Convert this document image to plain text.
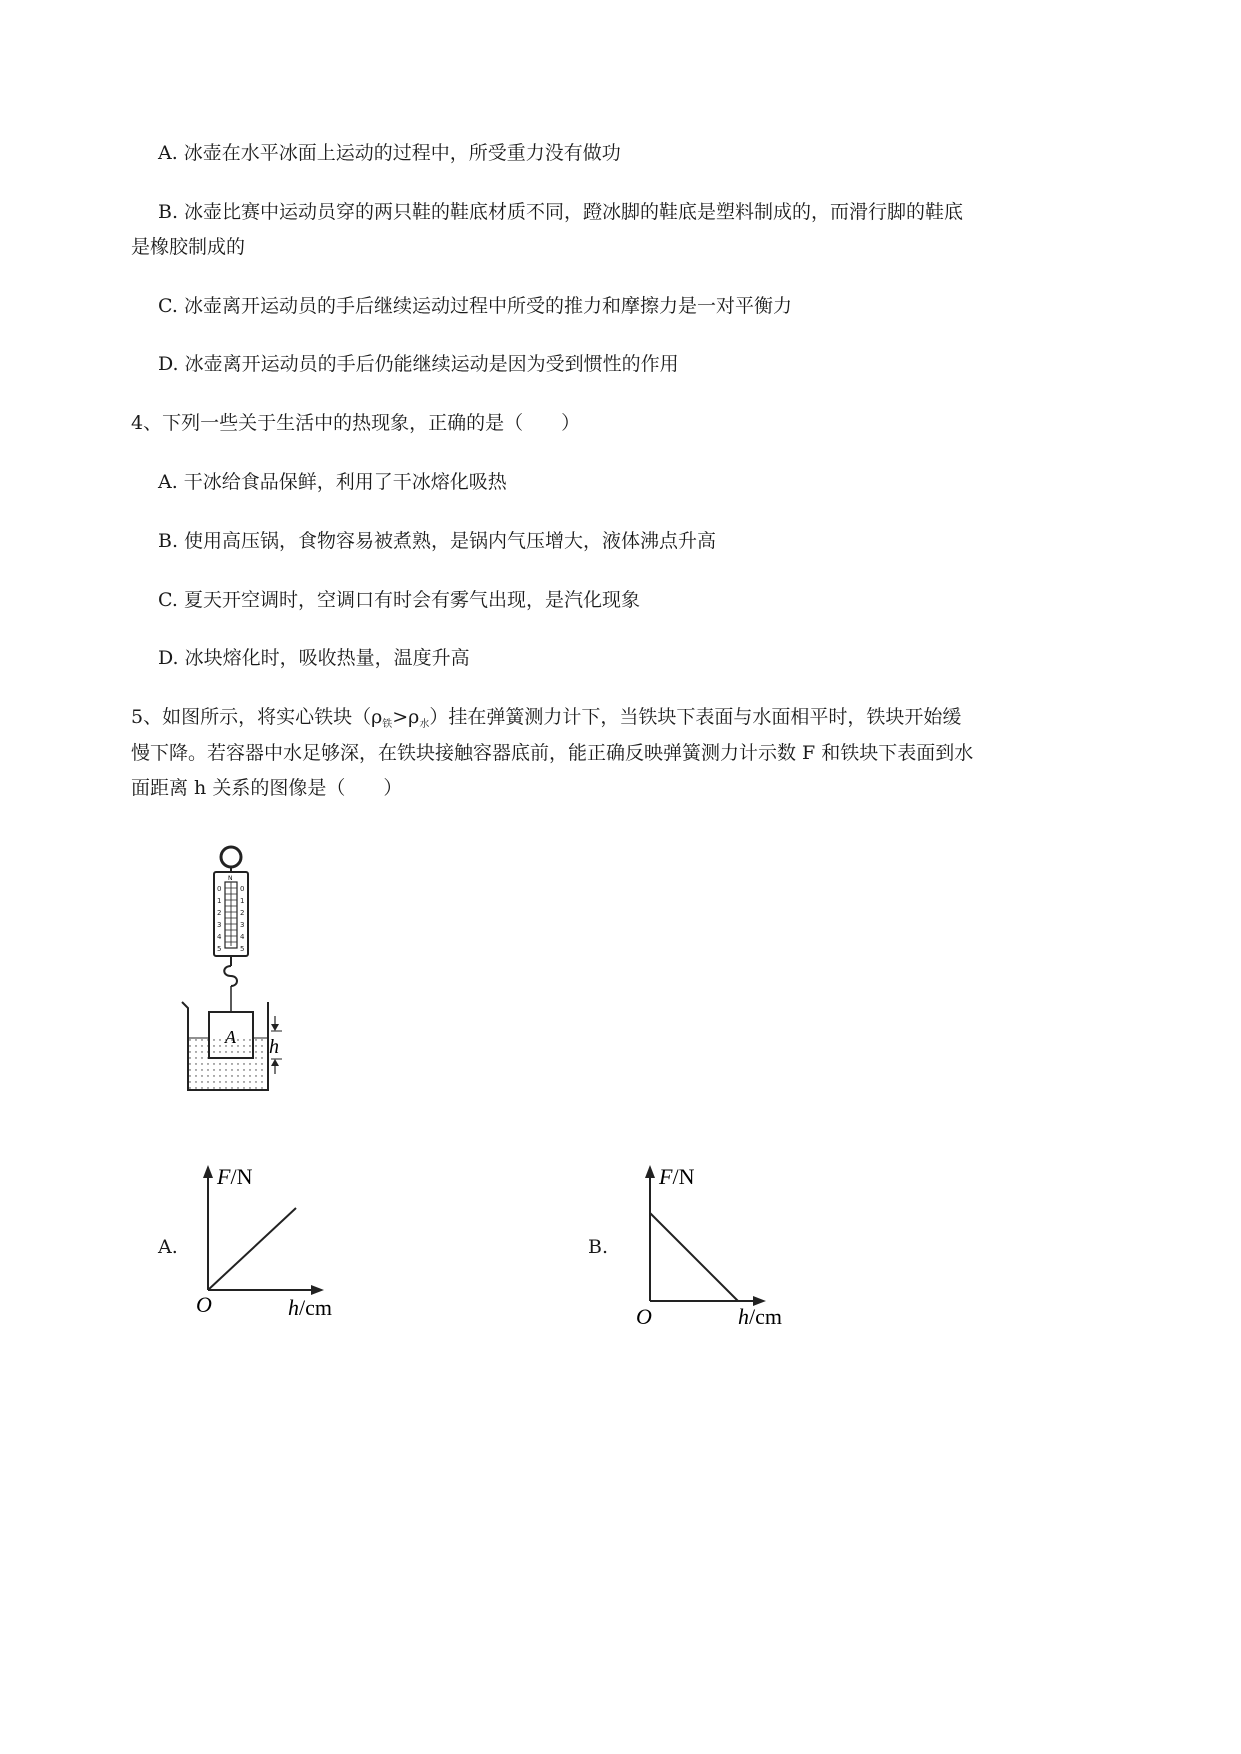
A. 冰壶在水平冰面上运动的过程中，所受重力没有做功
B. 冰壶比赛中运动员穿的两只鞋的鞋底材质不同，蹬冰脚的鞋底是塑料制成的，而滑行脚的鞋底
是橡胶制成的
C. 冰壶离开运动员的手后继续运动过程中所受的推力和摩擦力是一对平衡力
D. 冰壶离开运动员的手后仍能继续运动是因为受到惯性的作用
4、下列一些关于生活中的热现象，正确的是（　　）
A. 干冰给食品保鲜，利用了干冰熔化吸热
B. 使用高压锅，食物容易被煮熟，是锅内气压增大，液体沸点升高
C. 夏天开空调时，空调口有时会有雾气出现，是汽化现象
D. 冰块熔化时，吸收热量，温度升高
5、如图所示，将实心铁块$(\rho_铁>\rho_水)$挂在弹簧测力计下，当铁块下表面与水面相平时，铁块开始缓
慢下降。若容器中水足够深，在铁块接触容器底前，能正确反映弹簧测力计示数 F 和铁块下表面到水
面距离 h 关系的图像是（　　）
N
0
1
2
3
4
5
0
1
2
3
4
5
A h
A.
F/N
h/cm
O
B.
F/N
h/cm
O
